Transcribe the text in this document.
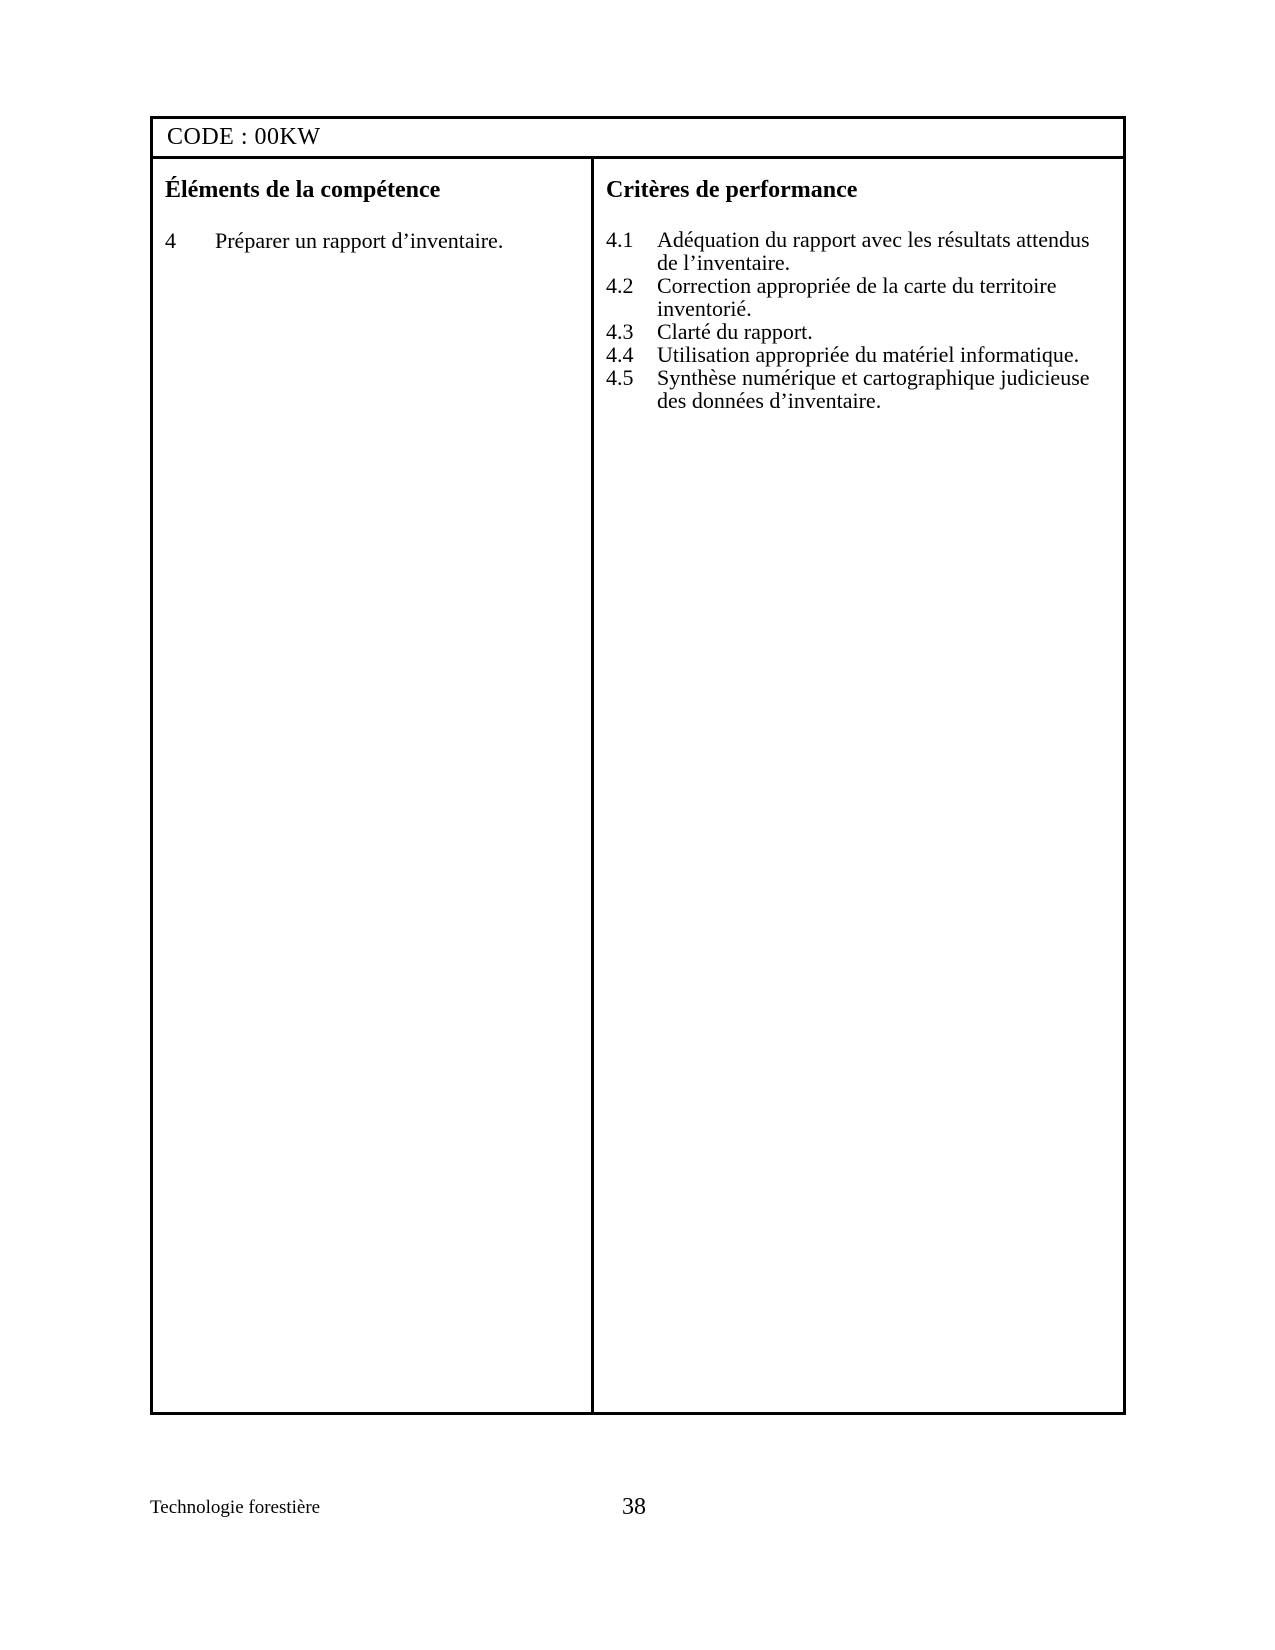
CODE : 00KW
Éléments de la compétence
4 Préparer un rapport d’inventaire.
Critères de performance
4.1 Adéquation du rapport avec les résultats attendus de l’inventaire.
4.2 Correction appropriée de la carte du territoire inventorié.
4.3 Clarté du rapport.
4.4 Utilisation appropriée du matériel informatique.
4.5 Synthèse numérique et cartographique judicieuse des données d’inventaire.
Technologie forestière	38
